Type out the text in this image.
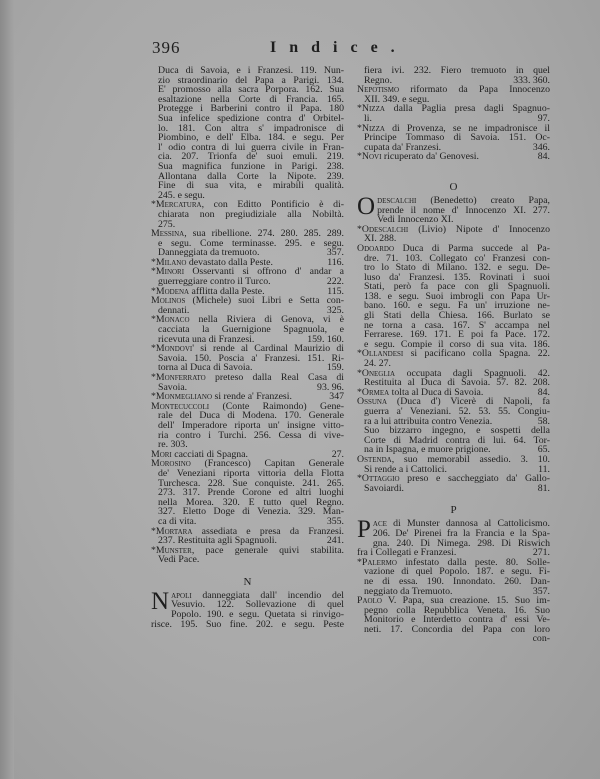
396	Indice.
Duca di Savoia, e i Franzesi. 119. Nun-
zio straordinario del Papa a Parigi. 134.
E' promosso alla sacra Porpora. 162. Sua
esaltazione nella Corte di Francia. 165.
Protegge i Barberini contro il Papa. 180
Sua infelice spedizione contra d' Orbitel-
lo. 181. Con altra s' impadronisce di
Piombino, e dell' Elba. 184. e segu. Per
l' odio contra di lui guerra civile in Fran-
cia. 207. Trionfa de' suoi emuli. 219.
Sua magnifica funzione in Parigi. 238.
Allontana dalla Corte la Nipote. 239.
Fine di sua vita, e mirabili qualità.
245. e segu.
*Mercatura, con Editto Pontificio è di-
chiarata non pregiudiziale alla Nobiltà.
275.
Messina, sua ribellione. 274. 280. 285. 289.
e segu. Come terminasse. 295. e segu.
Danneggiata da tremuoto.	357.
*Milano devastato dalla Peste.	116.
*Minori Osservanti si offrono d' andar a
guerreggiare contro il Turco.	222.
*Modena afflitta dalla Peste.	115.
Molinos (Michele) suoi Libri e Setta con-
dennati.	325.
*Monaco nella Riviera di Genova, vi è
cacciata la Guernigione Spagnuola, e
ricevuta una di Franzesi.	159. 160.
*Mondovi' si rende al Cardinal Maurizio di
Savoia. 150. Poscia a' Franzesi. 151. Ri-
torna al Duca di Savoia.	159.
*Monferrato preteso dalla Real Casa di
Savoia.	93. 96.
*Monmegliano si rende a' Franzesi.	347
Montecuccoli (Conte Raimondo) Gene-
rale del Duca di Modena. 170. Generale
dell' Imperadore riporta un' insigne vitto-
ria contro i Turchi. 256. Cessa di vive-
re. 303.
Mori cacciati di Spagna.	27.
Morosino (Francesco) Capitan Generale
de' Veneziani riporta vittoria della Flotta
Turchesca. 228. Sue conquiste. 241. 265.
273. 317. Prende Corone ed altri luoghi
nella Morea. 320. E tutto quel Regno.
327. Eletto Doge di Venezia. 329. Man-
ca di vita.	355.
*Mortara assediata e presa da Franzesi.
237. Restituita agli Spagnuoli.	241.
*Munster, pace generale quivi stabilita.
Vedi Pace.
N
N apoli danneggiata dall' incendio del
Vesuvio. 122. Sollevazione di quel
Popolo. 190. e segu. Quetata si rinvigo-
risce. 195. Suo fine. 202. e segu. Peste
fiera ivi. 232. Fiero tremuoto in quel
Regno.	333. 360.
Nepotismo riformato da Papa Innocenzo
XII. 349. e segu.
*Nizza dalla Paglia presa dagli Spagnuo-
li.	97.
*Nizza di Provenza, se ne impadronisce il
Principe Tommaso di Savoia. 151. Oc-
cupata da' Franzesi.	346.
*Novi ricuperato da' Genovesi.	84.
O
O descalchi (Benedetto) creato Papa,
prende il nome d' Innocenzo XI. 277.
Vedi Innocenzo XI.
*Odescalchi (Livio) Nipote d' Innocenzo
XI. 288.
Odoardo Duca di Parma succede al Pa-
dre. 71. 103. Collegato co' Franzesi con-
tro lo Stato di Milano. 132. e segu. De-
luso da' Franzesi. 135. Rovinati i suoi
Stati, però fa pace con gli Spagnuoli.
138. e segu. Suoi imbrogli con Papa Ur-
bano. 160. e segu. Fa un' irruzione ne-
gli Stati della Chiesa. 166. Burlato se
ne torna a casa. 167. S' accampa nel
Ferrarese. 169. 171. E poi fa Pace. 172.
e segu. Compie il corso di sua vita. 186.
*Ollandesi si pacificano colla Spagna. 22.
24. 27.
*Oneglia occupata dagli Spagnuoli. 42.
Restituita al Duca di Savoia. 57. 82. 208.
*Ormea tolta al Duca di Savoia.	84.
Ossuna (Duca d') Vicerè di Napoli, fa
guerra a' Veneziani. 52. 53. 55. Congiu-
ra a lui attribuita contro Venezia.	58.
Suo bizzarro ingegno, e sospetti della
Corte di Madrid contra di lui. 64. Tor-
na in Ispagna, e muore prigione.	65.
Ostenda, suo memorabil assedio. 3. 10.
Si rende a i Cattolici.	11.
*Ottaggio preso e saccheggiato da' Gallo-
Savoiardi.	81.
P
P ace di Munster dannosa al Cattolicismo.
206. De' Pirenei fra la Francia e la Spa-
gna. 240. Di Nimega. 298. Di Riswich
fra i Collegati e Franzesi.	271.
*Palermo infestato dalla peste. 80. Solle-
vazione di quel Popolo. 187. e segu. Fi-
ne di essa. 190. Innondato. 260. Dan-
neggiato da Tremuoto.	357.
Paolo V. Papa, sua creazione. 15. Suo im-
pegno colla Repubblica Veneta. 16. Suo
Monitorio e Interdetto contra d' essi Ve-
neti. 17. Concordia del Papa con loro
con-
